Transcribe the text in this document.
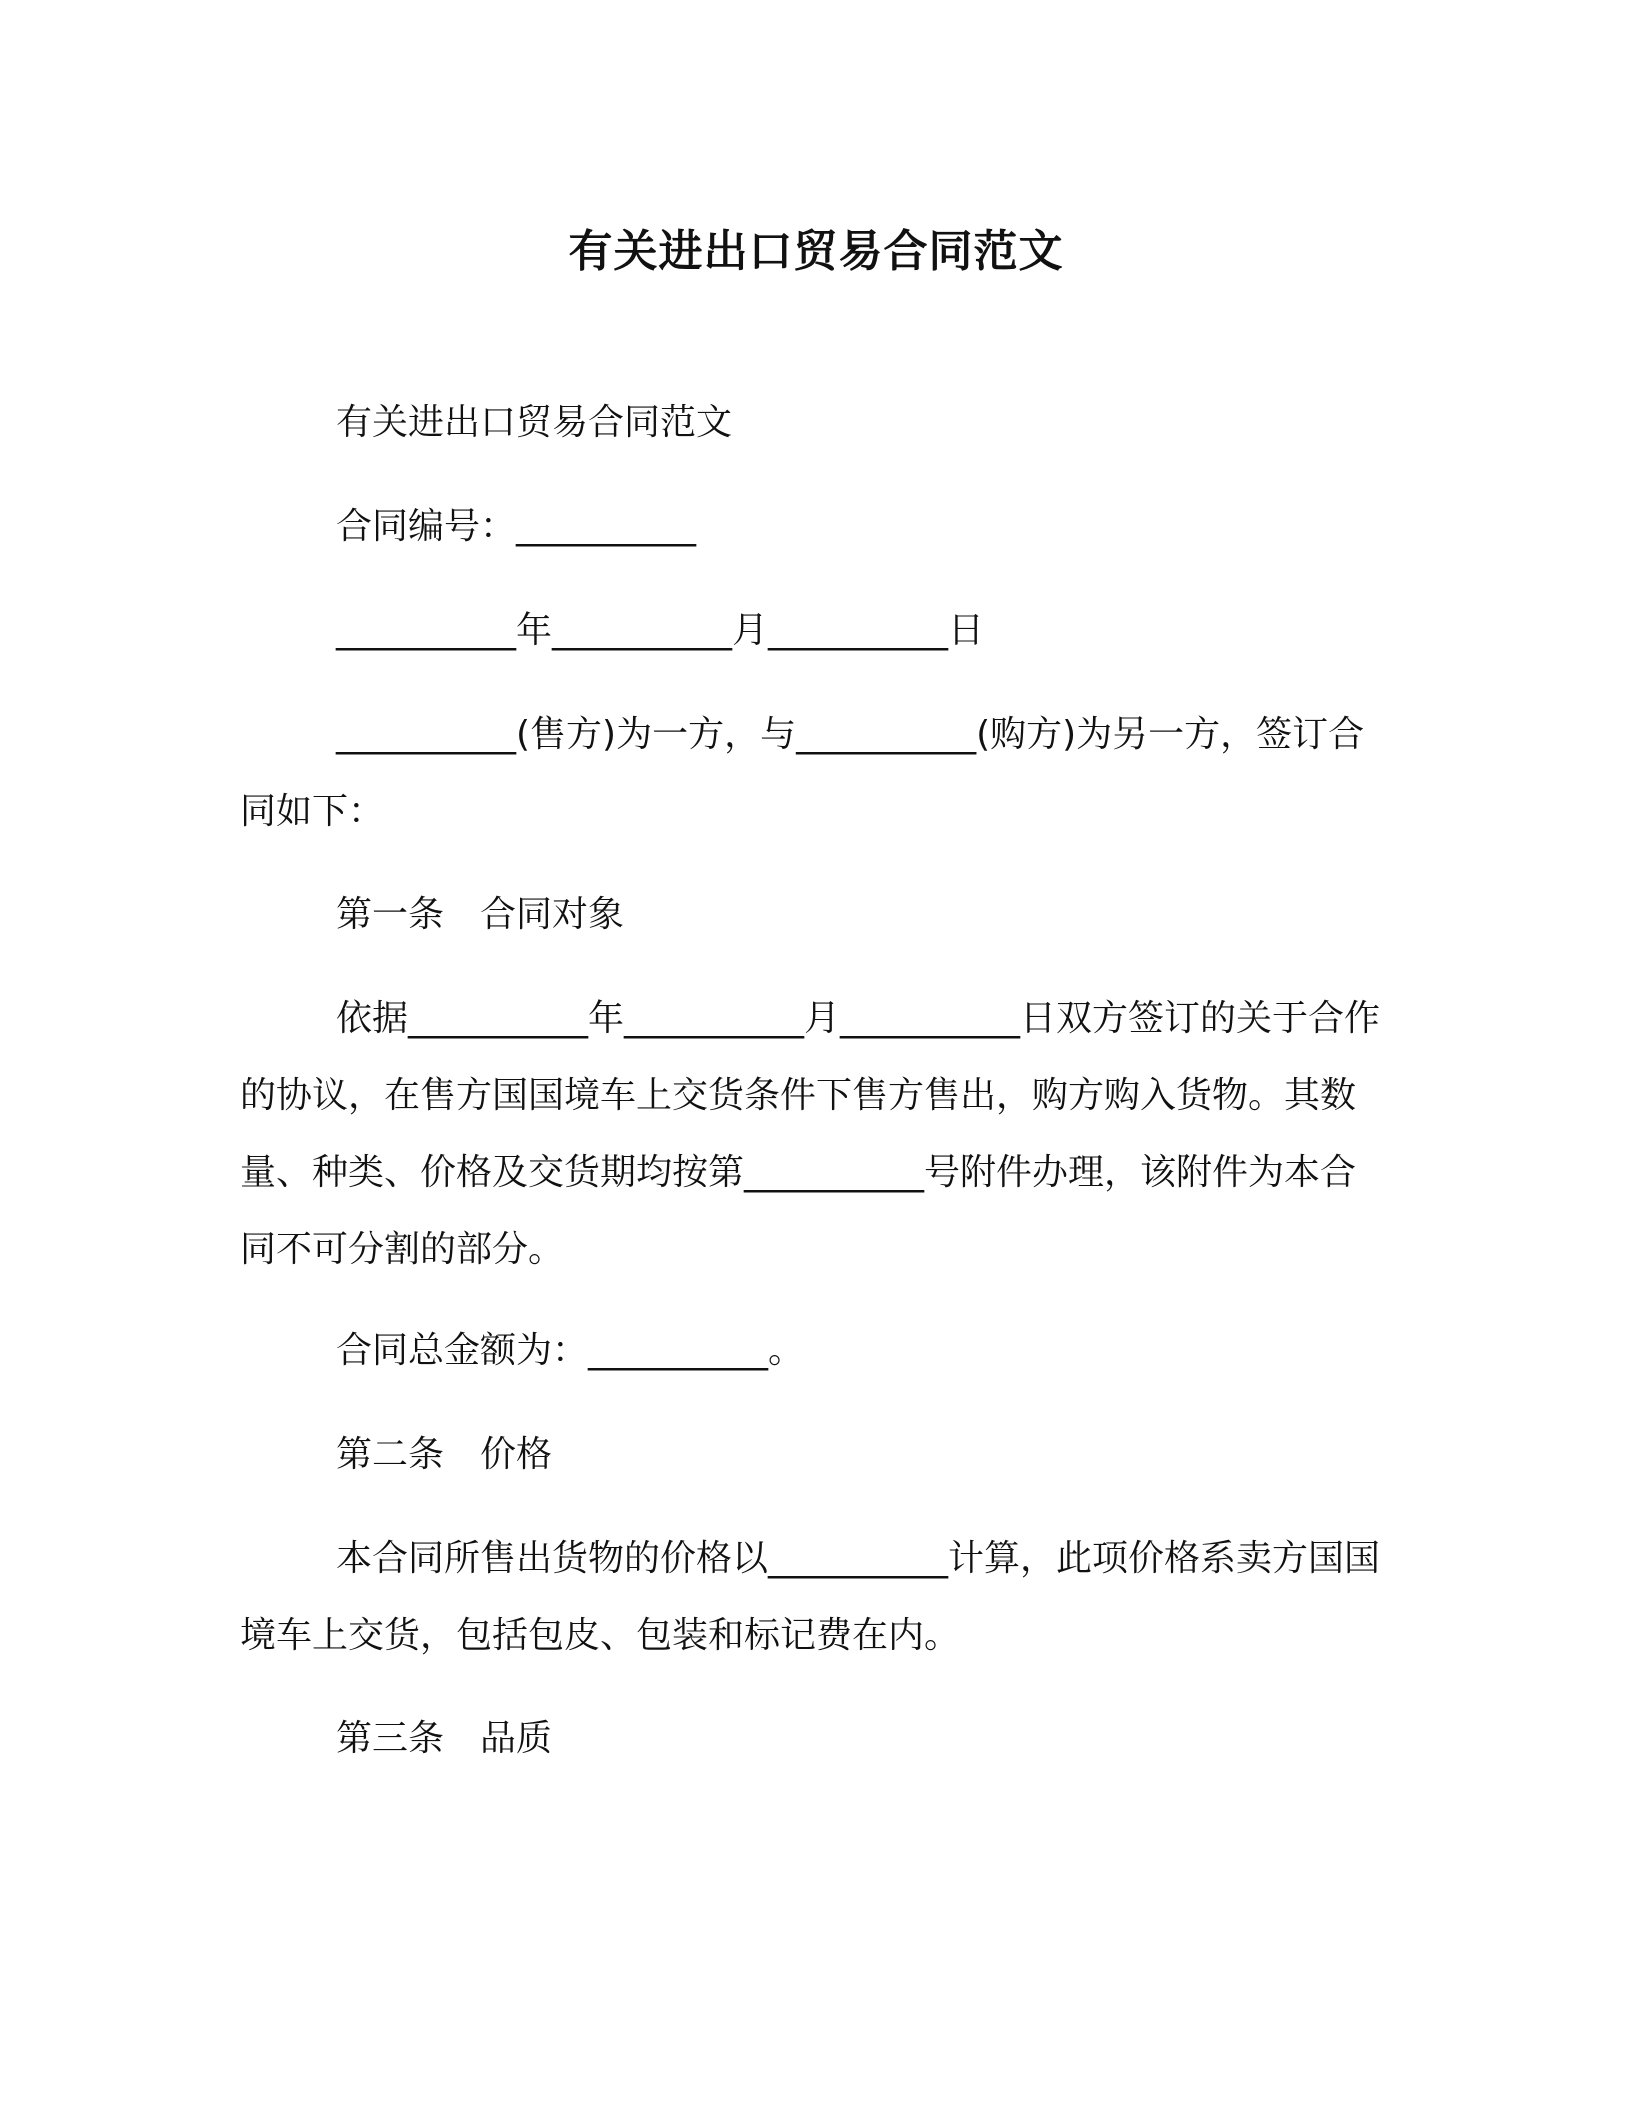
有关进出口贸易合同范文

有关进出口贸易合同范文

合同编号：__________

__________年__________月__________日

__________(售方)为一方，与__________(购方)为另一方，签订合同如下：

第一条　合同对象

依据__________年__________月__________日双方签订的关于合作的协议，在售方国国境车上交货条件下售方售出，购方购入货物。其数量、种类、价格及交货期均按第__________号附件办理，该附件为本合同不可分割的部分。

合同总金额为：__________。

第二条　价格

本合同所售出货物的价格以__________计算，此项价格系卖方国国境车上交货，包括包皮、包装和标记费在内。

第三条　品质
